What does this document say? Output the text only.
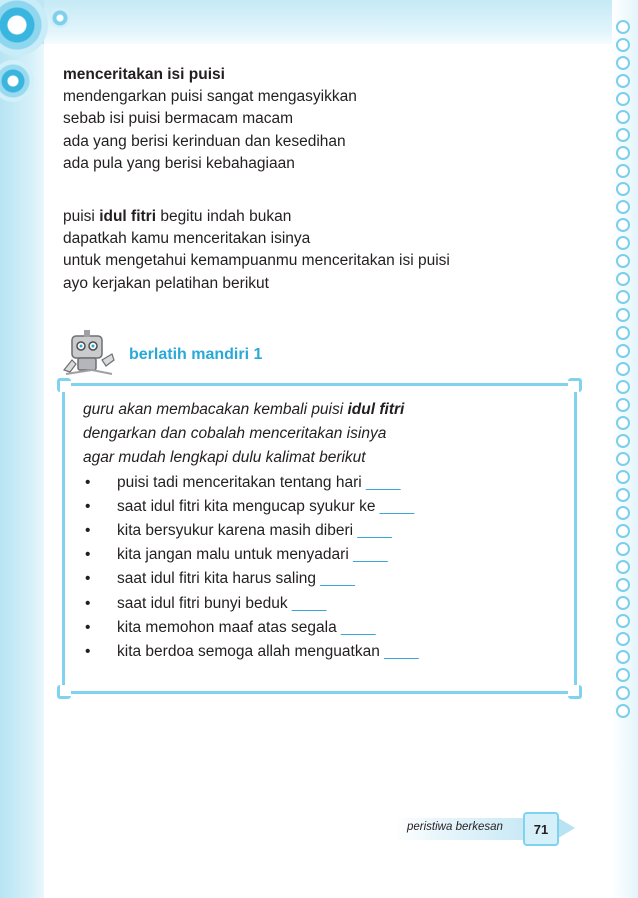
menceritakan isi puisi
mendengarkan puisi sangat mengasyikkan
sebab isi puisi bermacam macam
ada yang berisi kerinduan dan kesedihan
ada pula yang berisi kebahagiaan
puisi idul fitri begitu indah bukan
dapatkah kamu menceritakan isinya
untuk mengetahui kemampuanmu menceritakan isi puisi
ayo kerjakan pelatihan berikut
berlatih mandiri 1
guru akan membacakan kembali puisi idul fitri
dengarkan dan cobalah menceritakan isinya
agar mudah lengkapi dulu kalimat berikut
• puisi tadi menceritakan tentang hari ____
• saat idul fitri kita mengucap syukur ke ____
• kita bersyukur karena masih diberi ____
• kita jangan malu untuk menyadari ____
• saat idul fitri kita harus saling ____
• saat idul fitri bunyi beduk ____
• kita memohon maaf atas segala ____
• kita berdoa semoga allah menguatkan ____
peristiwa berkesan	71
